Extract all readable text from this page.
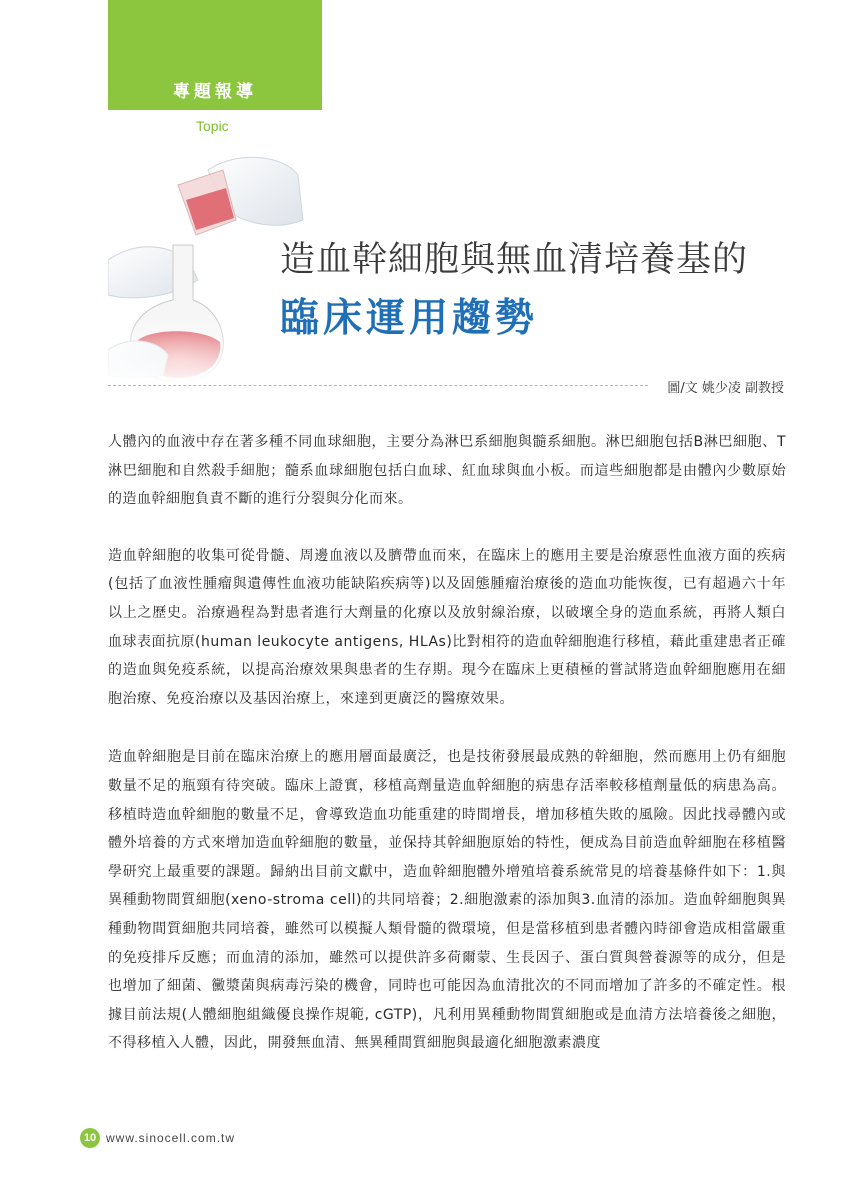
專題報導
Topic
造血幹細胞與無血清培養基的
臨床運用趨勢
圖/文 姚少凌 副教授

人體內的血液中存在著多種不同血球細胞，主要分為淋巴系細胞與髓系細胞。淋巴細胞包括B淋巴細胞、T淋巴細胞和自然殺手細胞；髓系血球細胞包括白血球、紅血球與血小板。而這些細胞都是由體內少數原始的造血幹細胞負責不斷的進行分裂與分化而來。

造血幹細胞的收集可從骨髓、周邊血液以及臍帶血而來，在臨床上的應用主要是治療惡性血液方面的疾病(包括了血液性腫瘤與遺傳性血液功能缺陷疾病等)以及固態腫瘤治療後的造血功能恢復，已有超過六十年以上之歷史。治療過程為對患者進行大劑量的化療以及放射線治療，以破壞全身的造血系統，再將人類白血球表面抗原(human leukocyte antigens, HLAs)比對相符的造血幹細胞進行移植，藉此重建患者正確的造血與免疫系統，以提高治療效果與患者的生存期。現今在臨床上更積極的嘗試將造血幹細胞應用在細胞治療、免疫治療以及基因治療上，來達到更廣泛的醫療效果。

造血幹細胞是目前在臨床治療上的應用層面最廣泛，也是技術發展最成熟的幹細胞，然而應用上仍有細胞數量不足的瓶頸有待突破。臨床上證實，移植高劑量造血幹細胞的病患存活率較移植劑量低的病患為高。移植時造血幹細胞的數量不足，會導致造血功能重建的時間增長，增加移植失敗的風險。因此找尋體內或體外培養的方式來增加造血幹細胞的數量，並保持其幹細胞原始的特性，便成為目前造血幹細胞在移植醫學研究上最重要的課題。歸納出目前文獻中，造血幹細胞體外增殖培養系統常見的培養基條件如下：1.與異種動物間質細胞(xeno-stroma cell)的共同培養；2.細胞激素的添加與3.血清的添加。造血幹細胞與異種動物間質細胞共同培養，雖然可以模擬人類骨髓的微環境，但是當移植到患者體內時卻會造成相當嚴重的免疫排斥反應；而血清的添加，雖然可以提供許多荷爾蒙、生長因子、蛋白質與營養源等的成分，但是也增加了細菌、黴漿菌與病毒污染的機會，同時也可能因為血清批次的不同而增加了許多的不確定性。根據目前法規(人體細胞組織優良操作規範, cGTP)，凡利用異種動物間質細胞或是血清方法培養後之細胞，不得移植入人體，因此，開發無血清、無異種間質細胞與最適化細胞激素濃度

10 www.sinocell.com.tw
